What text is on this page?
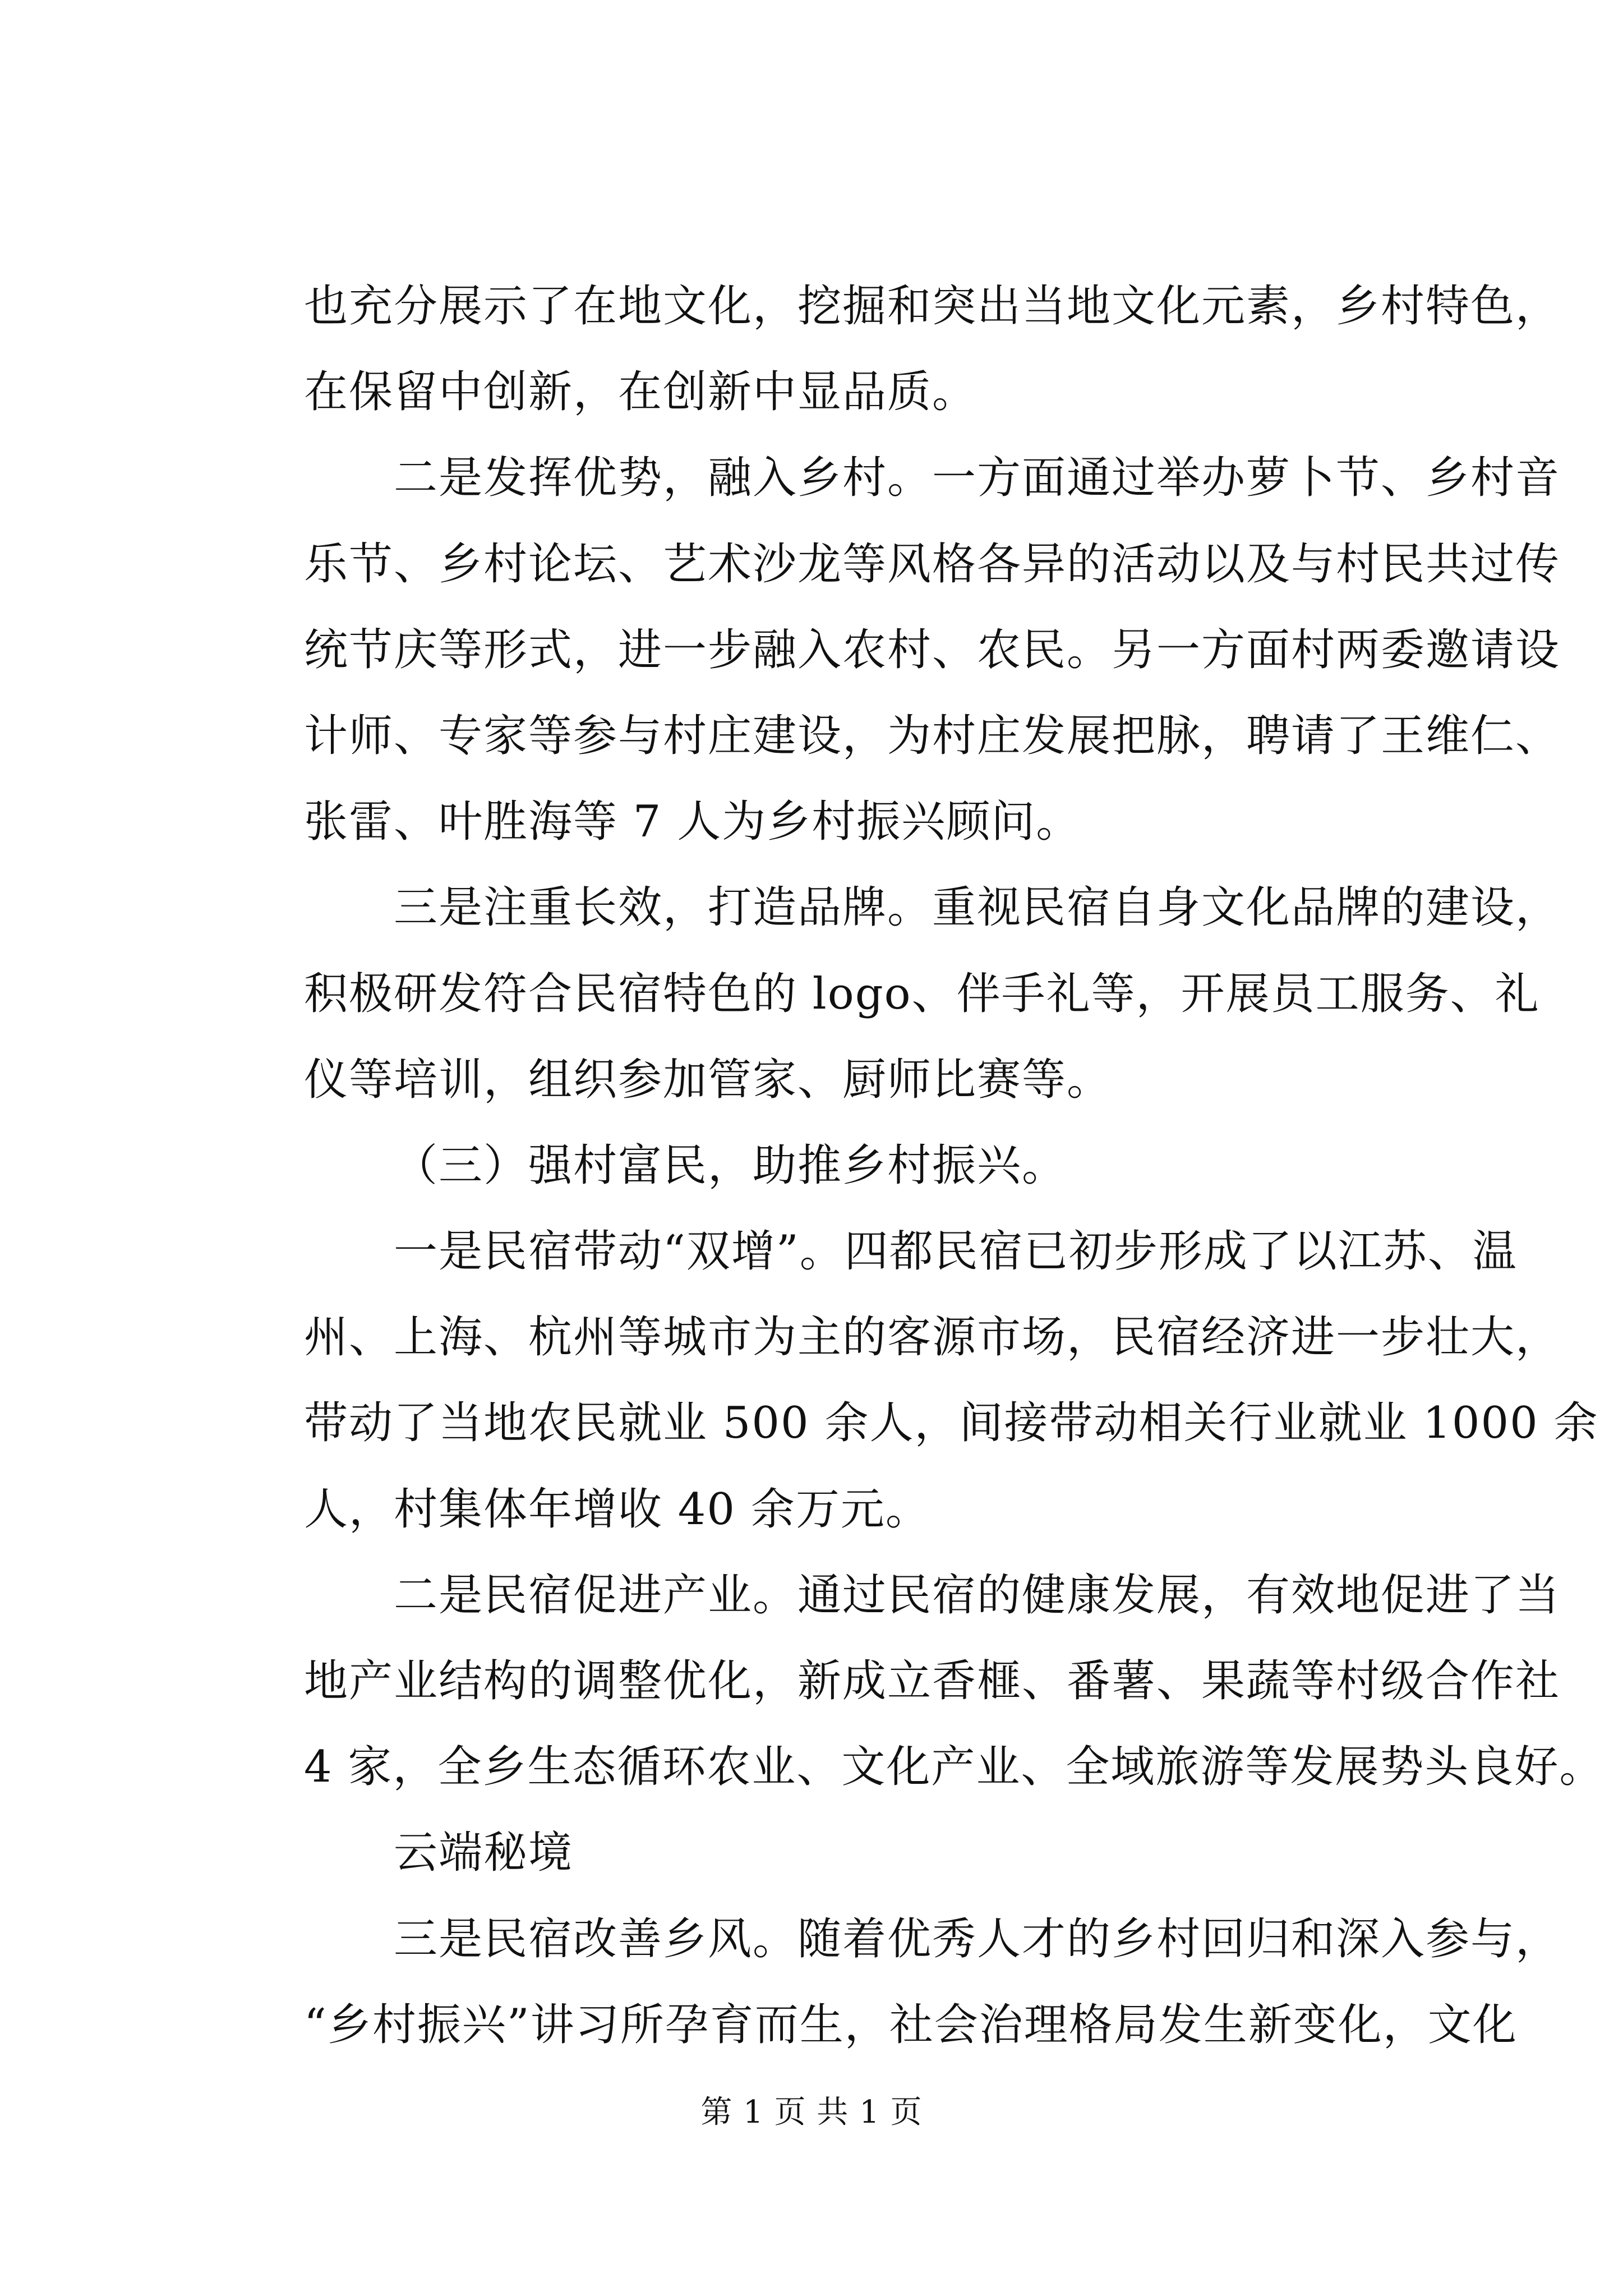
也充分展示了在地文化，挖掘和突出当地文化元素，乡村特色，
在保留中创新，在创新中显品质。
二是发挥优势，融入乡村。一方面通过举办萝卜节、乡村音
乐节、乡村论坛、艺术沙龙等风格各异的活动以及与村民共过传
统节庆等形式，进一步融入农村、农民。另一方面村两委邀请设
计师、专家等参与村庄建设，为村庄发展把脉，聘请了王维仁、
张雷、叶胜海等 7 人为乡村振兴顾问。
三是注重长效，打造品牌。重视民宿自身文化品牌的建设，
积极研发符合民宿特色的 logo、伴手礼等，开展员工服务、礼
仪等培训，组织参加管家、厨师比赛等。
（三）强村富民，助推乡村振兴。
一是民宿带动“双增”。四都民宿已初步形成了以江苏、温
州、上海、杭州等城市为主的客源市场，民宿经济进一步壮大，
带动了当地农民就业 500 余人，间接带动相关行业就业 1000 余
人，村集体年增收 40 余万元。
二是民宿促进产业。通过民宿的健康发展，有效地促进了当
地产业结构的调整优化，新成立香榧、番薯、果蔬等村级合作社
4 家，全乡生态循环农业、文化产业、全域旅游等发展势头良好。
云端秘境
三是民宿改善乡风。随着优秀人才的乡村回归和深入参与，
“乡村振兴”讲习所孕育而生，社会治理格局发生新变化，文化
第 1 页 共 1 页
